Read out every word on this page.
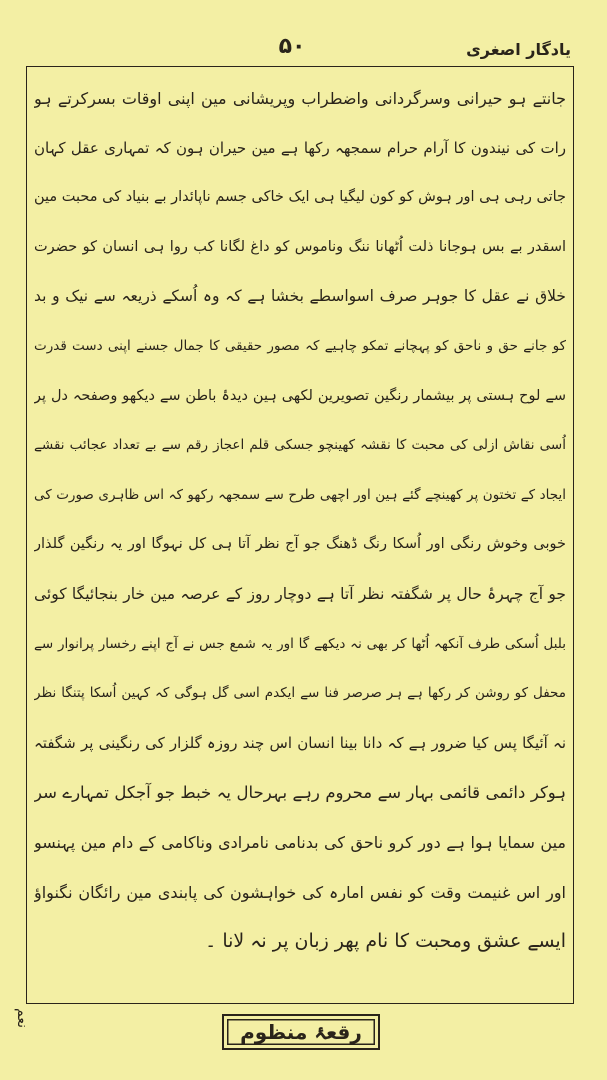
۵۰	یادگار اصغری
جانتے ہو حیرانی وسرگردانی واضطراب وپریشانی مین اپنی اوقات بسرکرتے ہو
رات کی نیندون کا آرام حرام سمجھہ رکھا ہے مین حیران ہون کہ تمہاری عقل کہان
جاتی رہی ہی اور ہوش کو کون لیگیا ہی ایک خاکی جسم ناپائدار بے بنیاد کی محبت مین
اسقدر بے بس ہوجانا ذلت اُٹھانا ننگ وناموس کو داغ لگانا کب روا ہی انسان کو حضرت
خلاق نے عقل کا جوہر صرف اسواسطے بخشا ہے کہ وہ اُسکے ذریعہ سے نیک و بد
کو جانے حق و ناحق کو پہچانے تمکو چاہیے کہ مصور حقیقی کا جمال جسنے اپنی دست قدرت
سے لوح ہستی پر بیشمار رنگین تصویرین لکھی ہین دیدۂ باطن سے دیکھو وصفحہ دل پر
اُسی نقاش ازلی کی محبت کا نقشہ کھینچو جسکی قلم اعجاز رقم سے بے تعداد عجائب نقشے
ایجاد کے تختون پر کھینچے گئے ہین اور اچھی طرح سے سمجھہ رکھو کہ اس ظاہری صورت کی
خوبی وخوش رنگی اور اُسکا رنگ ڈھنگ جو آج نظر آتا ہی کل نہوگا اور یہ رنگین گلذار
جو آج چہرۂ حال پر شگفتہ نظر آتا ہے دوچار روز کے عرصہ مین خار بنجائیگا کوئی
بلبل اُسکی طرف آنکھہ اُٹھا کر بھی نہ دیکھے گا اور یہ شمع جس نے آج اپنے رخسار پرانوار سے
محفل کو روشن کر رکھا ہے ہر صرصر فنا سے ایکدم اسی گل ہوگی کہ کہین اُسکا پتنگا نظر
نہ آئیگا پس کیا ضرور ہے کہ دانا بینا انسان اس چند روزہ گلزار کی رنگینی پر شگفتہ
ہوکر دائمی قائمی بہار سے محروم رہے بہرحال یہ خبط جو آجکل تمہارے سر
مین سمایا ہوا ہے دور کرو ناحق کی بدنامی نامرادی وناکامی کے دام مین پہنسو
اور اس غنیمت وقت کو نفس امارہ کی خواہشون کی پابندی مین رائگان نگنواؤ
ایسے عشق ومحبت کا نام پھر زبان پر نہ لانا ۔
رقعۂ منظوم
نعم
